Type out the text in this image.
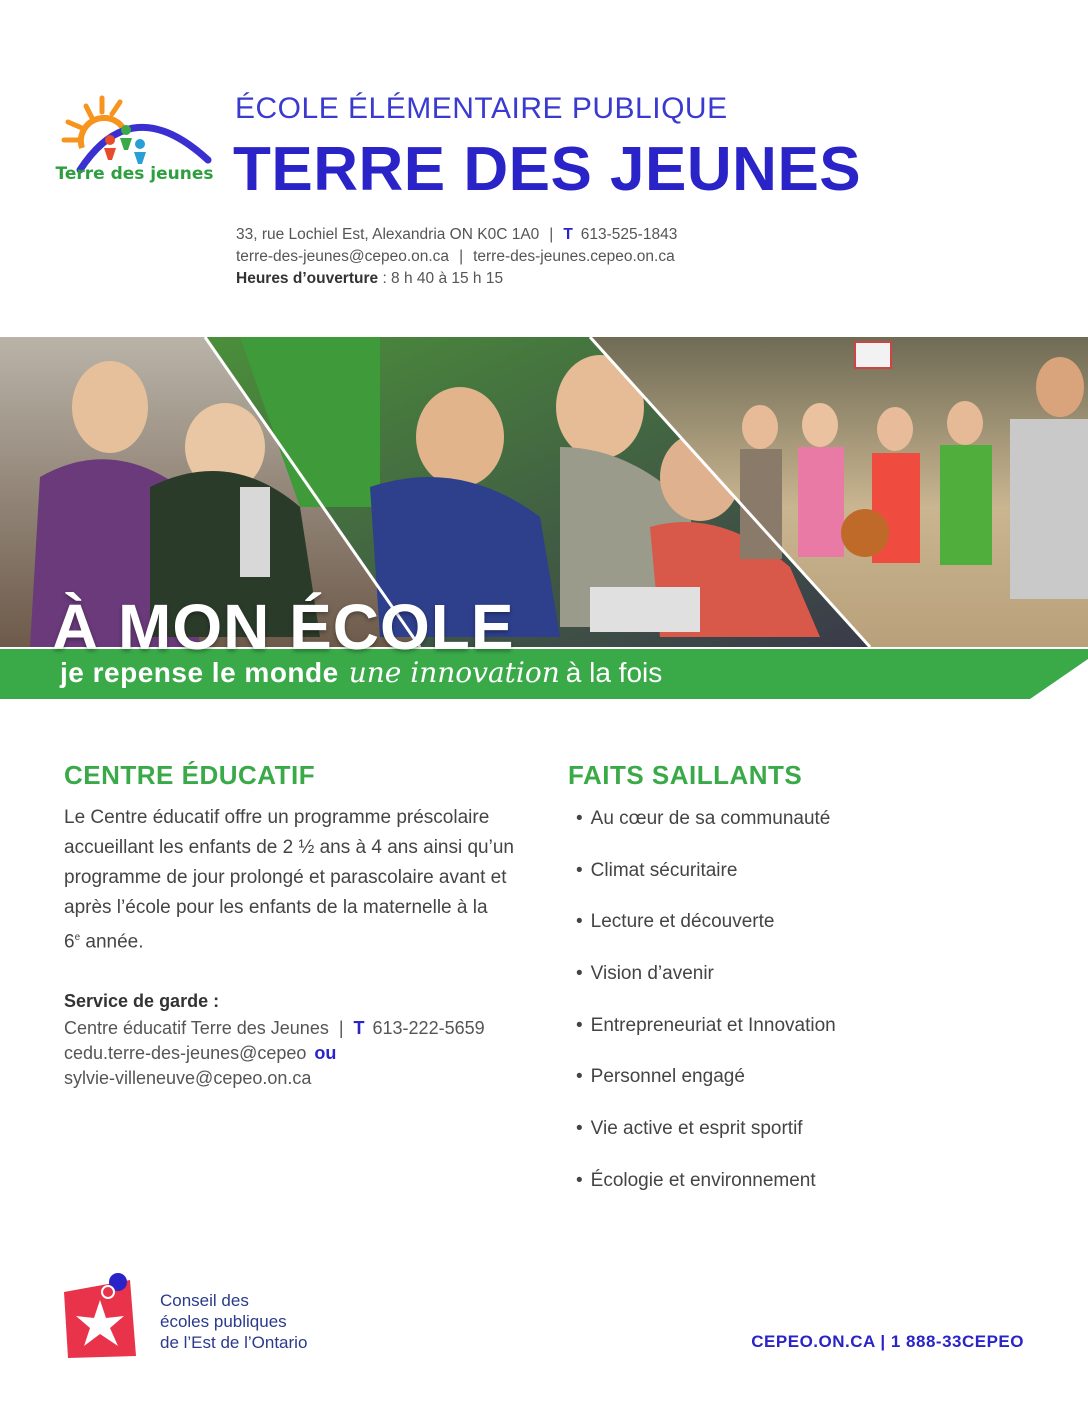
Terre des jeunes
ÉCOLE ÉLÉMENTAIRE PUBLIQUE
TERRE DES JEUNES
33, rue Lochiel Est, Alexandria ON K0C 1A0 | T 613-525-1843
terre-des-jeunes@cepeo.on.ca | terre-des-jeunes.cepeo.on.ca
Heures d’ouverture : 8 h 40 à 15 h 15
À MON ÉCOLE
je repense le monde une innovation à la fois
CENTRE ÉDUCATIF
Le Centre éducatif offre un programme préscolaire accueillant les enfants de 2 ½ ans à 4 ans ainsi qu’un programme de jour prolongé et parascolaire avant et après l’école pour les enfants de la maternelle à la
6e année.
Service de garde :
Centre éducatif Terre des Jeunes | T 613-222-5659
cedu.terre-des-jeunes@cepeo ou
sylvie-villeneuve@cepeo.on.ca
FAITS SAILLANTS
• Au cœur de sa communauté
• Climat sécuritaire
• Lecture et découverte
• Vision d’avenir
• Entrepreneuriat et Innovation
• Personnel engagé
• Vie active et esprit sportif
• Écologie et environnement
Conseil des
écoles publiques
de l’Est de l’Ontario	CEPEO.ON.CA | 1 888-33CEPEO
